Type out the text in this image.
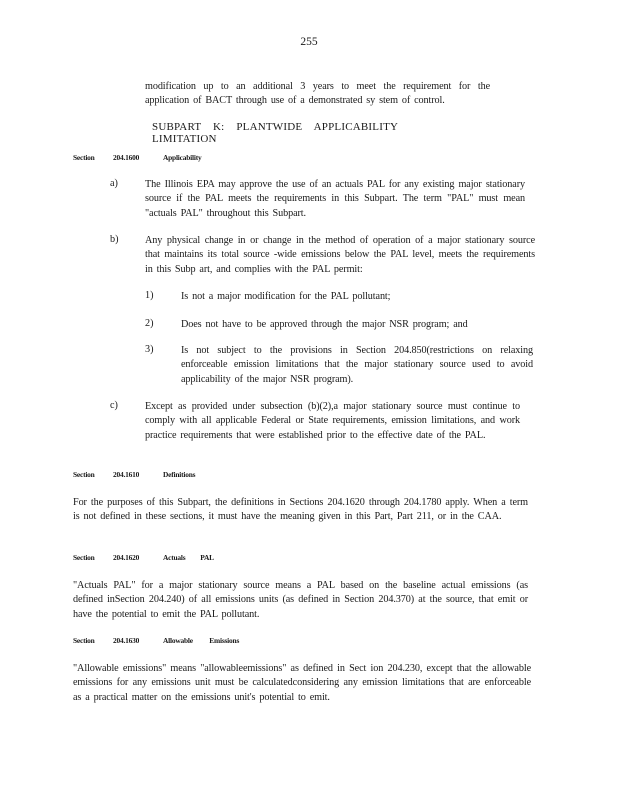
255
modification up to an additional 3 years to meet the requirement for the application of BACT through use of a demonstrated sy stem of control.
SUBPART K: PLANTWIDE APPLICABILITY LIMITATION
Section 204.1600	Applicability
a)	The Illinois EPA may approve the use of an actuals PAL for any existing major stationary source if the PAL meets the requirements in this Subpart. The term "PAL" must mean "actuals PAL" throughout this Subpart.
b)	Any physical change in or change in the method of operation of a major stationary source that maintains its total source -wide emissions below the PAL level, meets the requirements in this Subp art, and complies with the PAL permit:
1)	Is not a major modification for the PAL pollutant;
2)	Does not have to be approved through the major NSR program; and
3)	Is not subject to the provisions in Section 204.850(restrictions on relaxing enforceable emission limitations that the major stationary source used to avoid applicability of the major NSR program).
c)	Except as provided under subsection (b)(2),a major stationary source must continue to comply with all applicable Federal or State requirements, emission limitations, and work practice requirements that were established prior to the effective date of the PAL.
Section 204.1610	Definitions
For the purposes of this Subpart, the definitions in Sections 204.1620 through 204.1780 apply. When a term is not defined in these sections, it must have the meaning given in this Part, Part 211, or in the CAA.
Section 204.1620	Actuals         PAL
"Actuals PAL" for a major stationary source means a PAL based on the baseline actual emissions (as defined inSection 204.240) of all emissions units (as defined in Section 204.370) at the source, that emit or have the potential to emit the PAL pollutant.
Section 204.1630	Allowable          Emissions
"Allowable emissions" means "allowableemissions" as defined in Sect ion 204.230, except that the allowable emissions for any emissions unit must be calculatedconsidering any emission limitations that are enforceable as a practical matter on the emissions unit's potential to emit.
